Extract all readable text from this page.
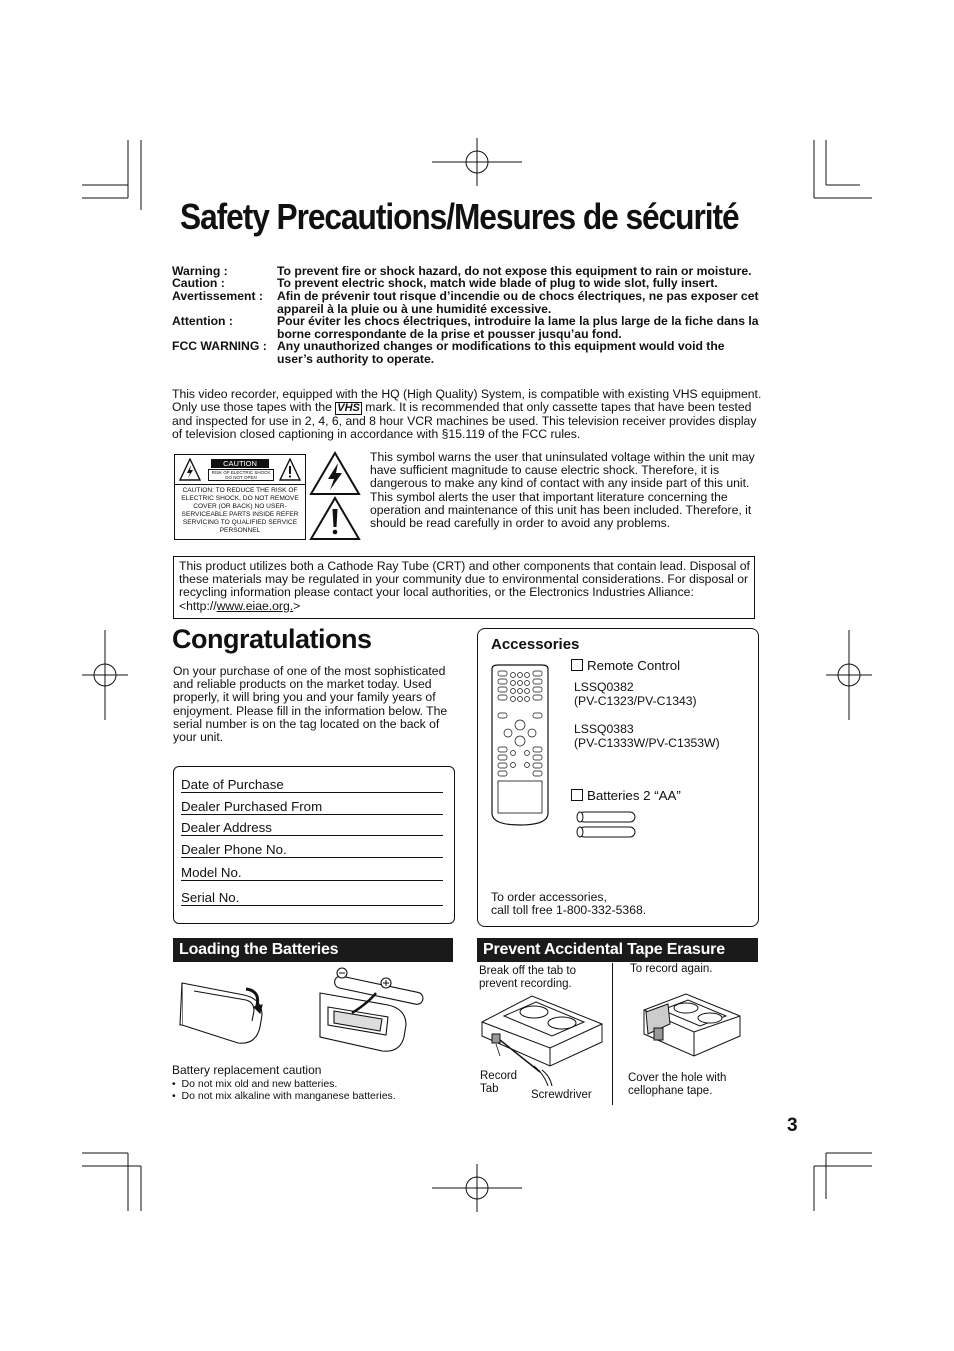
Safety Precautions/Mesures de sécurité
Warning :	To prevent fire or shock hazard, do not expose this equipment to rain or moisture.
Caution :	To prevent electric shock, match wide blade of plug to wide slot, fully insert.
Avertissement :	Afin de prévenir tout risque d’incendie ou de chocs électriques, ne pas exposer cet appareil à la pluie ou à une humidité excessive.
Attention :	Pour éviter les chocs électriques, introduire la lame la plus large de la fiche dans la borne correspondante de la prise et pousser jusqu’au fond.
FCC WARNING : Any unauthorized changes or modifications to this equipment would void the user’s authority to operate.
This video recorder, equipped with the HQ (High Quality) System, is compatible with existing VHS equipment. Only use those tapes with the VHS mark. It is recommended that only cassette tapes that have been tested and inspected for use in 2, 4, 6, and 8 hour VCR machines be used. This television receiver provides display of television closed captioning in accordance with §15.119 of the FCC rules.
CAUTION
RISK OF ELECTRIC SHOCK DO NOT OPEN
CAUTION: TO REDUCE THE RISK OF ELECTRIC SHOCK, DO NOT REMOVE COVER (OR BACK) NO USER-SERVICEABLE PARTS INSIDE REFER SERVICING TO QUALIFIED SERVICE PERSONNEL
This symbol warns the user that uninsulated voltage within the unit may have sufficient magnitude to cause electric shock. Therefore, it is dangerous to make any kind of contact with any inside part of this unit.
This symbol alerts the user that important literature concerning the operation and maintenance of this unit has been included. Therefore, it should be read carefully in order to avoid any problems.
This product utilizes both a Cathode Ray Tube (CRT) and other components that contain lead. Disposal of these materials may be regulated in your community due to environmental considerations. For disposal or recycling information please contact your local authorities, or the Electronics Industries Alliance: <http://www.eiae.org.>
Congratulations
On your purchase of one of the most sophisticated and reliable products on the market today. Used properly, it will bring you and your family years of enjoyment. Please fill in the information below. The serial number is on the tag located on the back of your unit.
Date of Purchase
Dealer Purchased From
Dealer Address
Dealer Phone No.
Model No.
Serial No.
Accessories
Remote Control
LSSQ0382
(PV-C1323/PV-C1343)
LSSQ0383
(PV-C1333W/PV-C1353W)
Batteries 2 “AA”
To order accessories,
call toll free 1-800-332-5368.
Loading the Batteries
Battery replacement caution
•  Do not mix old and new batteries.
•  Do not mix alkaline with manganese batteries.
Prevent Accidental Tape Erasure
Break off the tab to prevent recording.
To record again.
Record Tab	Screwdriver
Cover the hole with cellophane tape.
3
